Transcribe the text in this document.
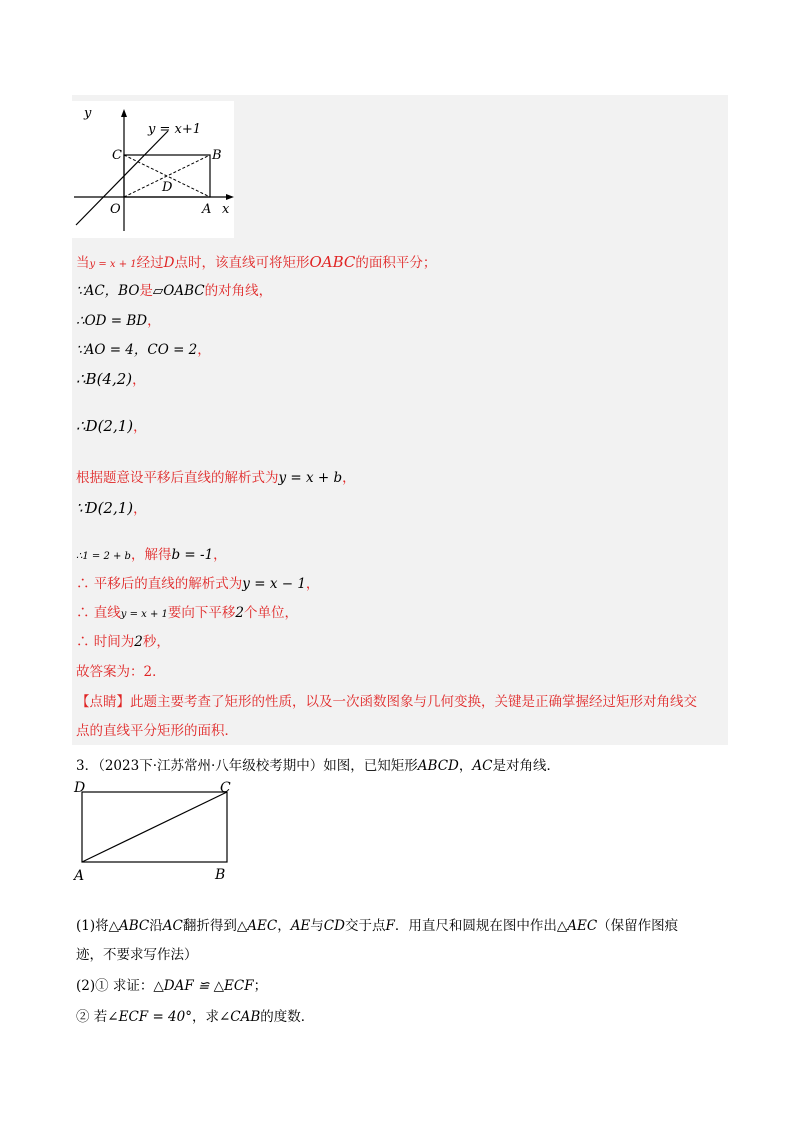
y
y = x+1
C	B
D
O	A x
当y = x + 1经过D点时，该直线可将矩形OABC的面积平分；
∵AC，BO是▱OABC的对角线，
∴OD = BD，
∵AO = 4，CO = 2，
∴B(4,2)，
∴D(2,1)，
根据题意设平移后直线的解析式为y = x + b，
∵D(2,1)，
∴1 = 2 + b，解得b = -1，
∴ 平移后的直线的解析式为y = x − 1，
∴ 直线y = x + 1要向下平移2个单位，
∴ 时间为2秒，
故答案为：2．
【点睛】此题主要考查了矩形的性质，以及一次函数图象与几何变换，关键是正确掌握经过矩形对角线交
点的直线平分矩形的面积．
3．（2023下·江苏常州·八年级校考期中）如图，已知矩形ABCD，AC是对角线．
D	C
A	B
(1)将△ABC沿AC翻折得到△AEC，AE与CD交于点F．用直尺和圆规在图中作出△AEC（保留作图痕
迹，不要求写作法）
(2)① 求证：△DAF ≌ △ECF；
② 若∠ECF = 40°，求∠CAB的度数．
